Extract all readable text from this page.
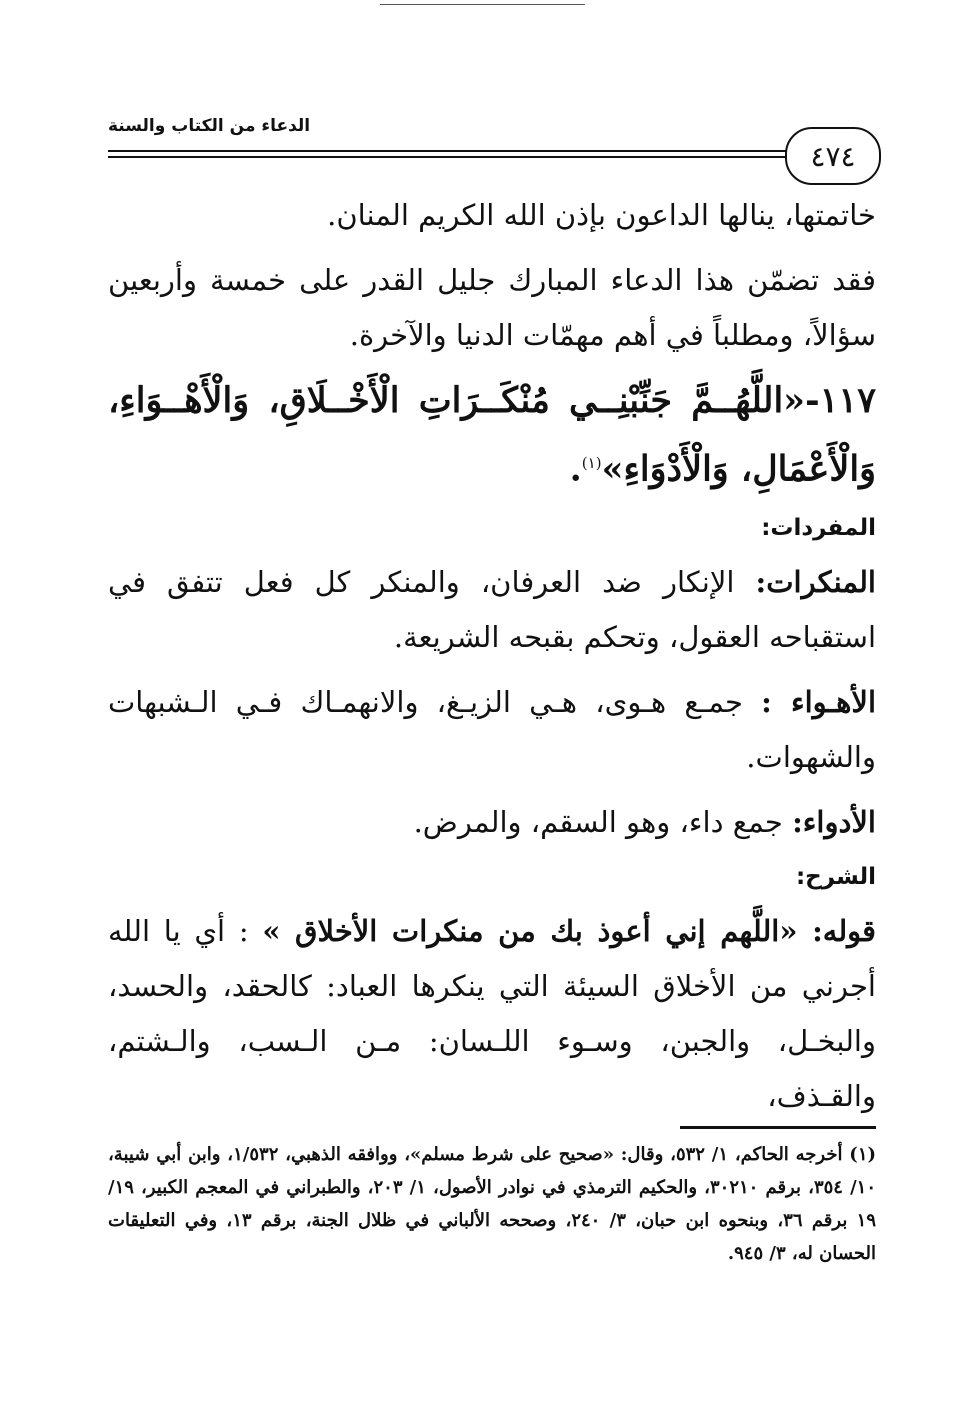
الدعاء من الكتاب والسنة
٤٧٤

خاتمتها، ينالها الداعون بإذن الله الكريم المنان.

فقد تضمّن هذا الدعاء المبارك جليل القدر على خمسة وأربعين سؤالاً، ومطلباً في أهم مهمّات الدنيا والآخرة.

١١٧-«اللَّهُــمَّ جَنِّبْنِــي مُنْكَــرَاتِ الْأَخْــلَاقِ، وَالْأَهْــوَاءِ، وَالْأَعْمَالِ، وَالْأَدْوَاءِ»$^{(١)}$.

المفردات:

المنكرات: الإنكار ضد العرفان، والمنكر كل فعل تتفق في استقباحه العقول، وتحكم بقبحه الشريعة.

الأهـواء : جمـع هـوى، هـي الزيـغ، والانهمـاك فـي الـشبهات والشهوات.

الأدواء: جمع داء، وهو السقم، والمرض.

الشرح:

قوله: «اللَّهم إني أعوذ بك من منكرات الأخلاق » : أي يا الله أجرني من الأخلاق السيئة التي ينكرها العباد: كالحقد، والحسد، والبخـل، والجبن، وسـوء اللـسان: مـن الـسب، والـشتم، والقـذف،

(١) أخرجه الحاكم، ١/ ٥٣٢، وقال: «صحيح على شرط مسلم»، ووافقه الذهبي، ١/٥٣٢، وابن أبي شيبة، ١٠/ ٣٥٤، برقم ٣٠٢١٠، والحكيم الترمذي في نوادر الأصول، ١/ ٢٠٣، والطبراني في المعجم الكبير، ١٩/ ١٩ برقم ٣٦، وبنحوه ابن حبان، ٣/ ٢٤٠، وصححه الألباني في ظلال الجنة، برقم ١٣، وفي التعليقات الحسان له، ٣/ ٩٤٥.
